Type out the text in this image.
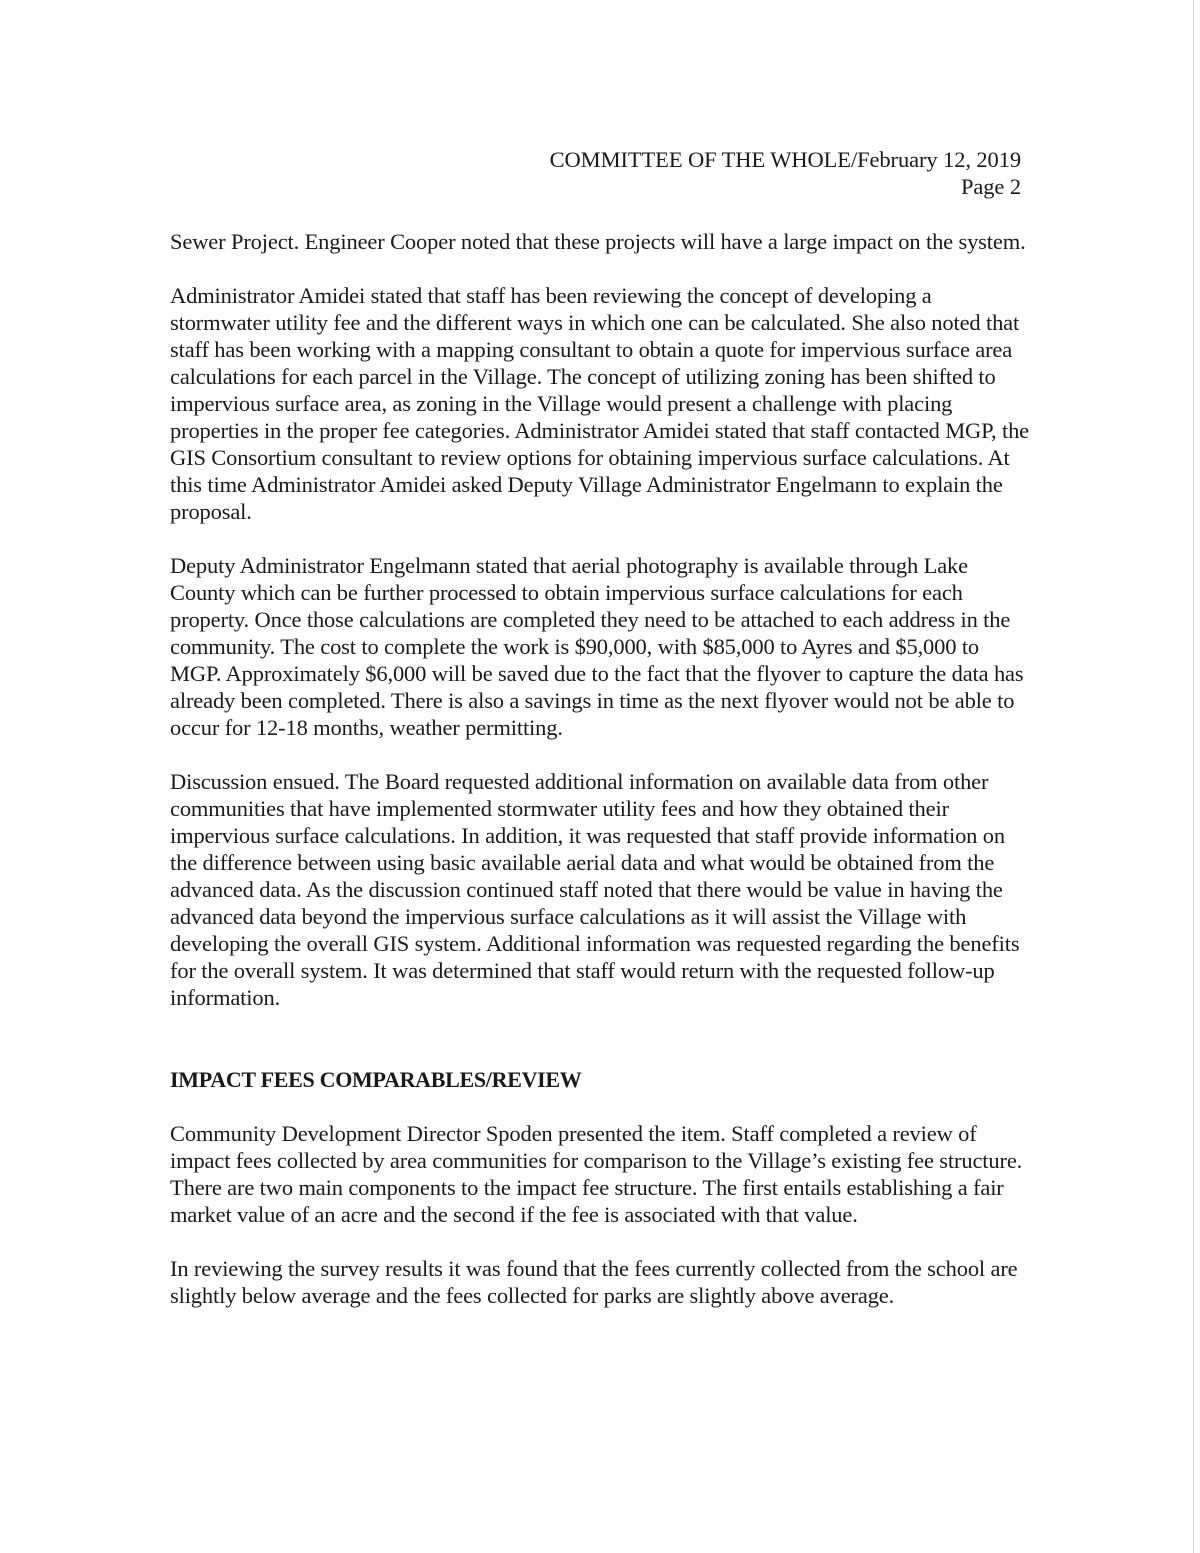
COMMITTEE OF THE WHOLE/February 12, 2019
Page 2

Sewer Project. Engineer Cooper noted that these projects will have a large impact on the system.

Administrator Amidei stated that staff has been reviewing the concept of developing a stormwater utility fee and the different ways in which one can be calculated. She also noted that staff has been working with a mapping consultant to obtain a quote for impervious surface area calculations for each parcel in the Village. The concept of utilizing zoning has been shifted to impervious surface area, as zoning in the Village would present a challenge with placing properties in the proper fee categories. Administrator Amidei stated that staff contacted MGP, the GIS Consortium consultant to review options for obtaining impervious surface calculations. At this time Administrator Amidei asked Deputy Village Administrator Engelmann to explain the proposal.

Deputy Administrator Engelmann stated that aerial photography is available through Lake County which can be further processed to obtain impervious surface calculations for each property. Once those calculations are completed they need to be attached to each address in the community. The cost to complete the work is $90,000, with $85,000 to Ayres and $5,000 to MGP. Approximately $6,000 will be saved due to the fact that the flyover to capture the data has already been completed. There is also a savings in time as the next flyover would not be able to occur for 12-18 months, weather permitting.

Discussion ensued. The Board requested additional information on available data from other communities that have implemented stormwater utility fees and how they obtained their impervious surface calculations. In addition, it was requested that staff provide information on the difference between using basic available aerial data and what would be obtained from the advanced data. As the discussion continued staff noted that there would be value in having the advanced data beyond the impervious surface calculations as it will assist the Village with developing the overall GIS system. Additional information was requested regarding the benefits for the overall system. It was determined that staff would return with the requested follow-up information.

IMPACT FEES COMPARABLES/REVIEW

Community Development Director Spoden presented the item. Staff completed a review of impact fees collected by area communities for comparison to the Village’s existing fee structure. There are two main components to the impact fee structure. The first entails establishing a fair market value of an acre and the second if the fee is associated with that value.

In reviewing the survey results it was found that the fees currently collected from the school are slightly below average and the fees collected for parks are slightly above average.
